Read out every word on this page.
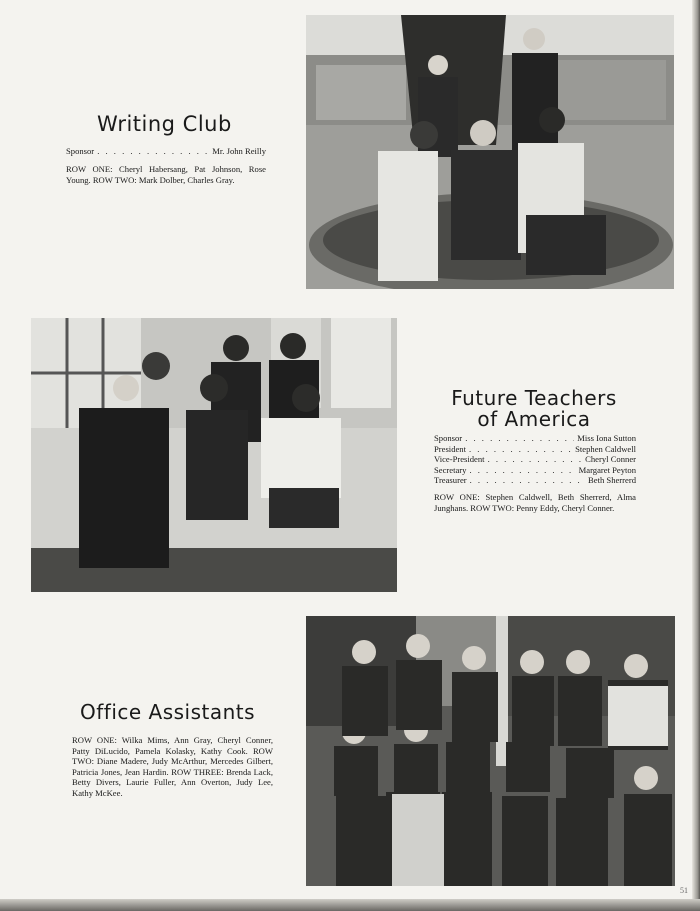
Writing Club
Sponsor . . .	Mr. John Reilly

ROW ONE: Cheryl Habersang, Pat Johnson, Rose Young. ROW TWO: Mark Dolber, Charles Gray.

Future Teachers
of America
Sponsor . . .	Miss Iona Sutton
President . . .	Stephen Caldwell
Vice-President . . .	Cheryl Conner
Secretary . . .	Margaret Peyton
Treasurer . . .	Beth Sherrerd

ROW ONE: Stephen Caldwell, Beth Sherrerd, Alma Junghans. ROW TWO: Penny Eddy, Cheryl Conner.

Office Assistants

ROW ONE: Wilka Mims, Ann Gray, Cheryl Conner, Patty DiLucido, Pamela Kolasky, Kathy Cook. ROW TWO: Diane Madere, Judy McArthur, Mercedes Gilbert, Patricia Jones, Jean Hardin. ROW THREE: Brenda Lack, Betty Divers, Laurie Fuller, Ann Overton, Judy Lee, Kathy McKee.

51
